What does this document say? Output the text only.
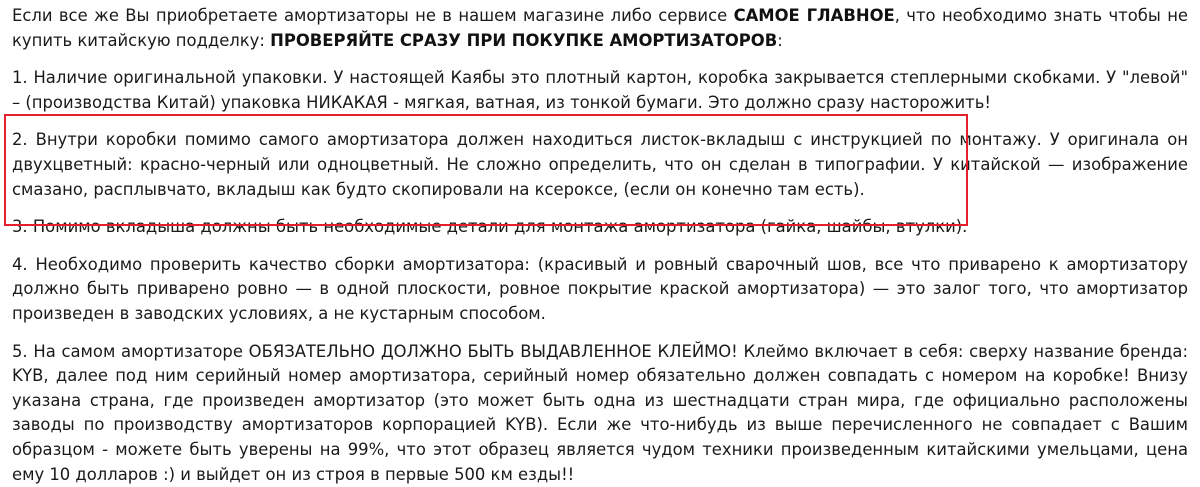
Если все же Вы приобретаете амортизаторы не в нашем магазине либо сервисе САМОЕ ГЛАВНОЕ, что необходимо знать чтобы не купить китайскую подделку: ПРОВЕРЯЙТЕ СРАЗУ ПРИ ПОКУПКЕ АМОРТИЗАТОРОВ:

1. Наличие оригинальной упаковки. У настоящей Каябы это плотный картон, коробка закрывается степлерными скобками. У "левой" – (производства Китай) упаковка НИКАКАЯ - мягкая, ватная, из тонкой бумаги. Это должно сразу насторожить!

2. Внутри коробки помимо самого амортизатора должен находиться листок-вкладыш с инструкцией по монтажу. У оригинала он двухцветный: красно-черный или одноцветный. Не сложно определить, что он сделан в типографии. У китайской — изображение смазано, расплывчато, вкладыш как будто скопировали на ксероксе, (если он конечно там есть).

3. Помимо вкладыша должны быть необходимые детали для монтажа амортизатора (гайка, шайбы, втулки).

4. Необходимо проверить качество сборки амортизатора: (красивый и ровный сварочный шов, все что приварено к амортизатору должно быть приварено ровно — в одной плоскости, ровное покрытие краской амортизатора) — это залог того, что амортизатор произведен в заводских условиях, а не кустарным способом.

5. На самом амортизаторе ОБЯЗАТЕЛЬНО ДОЛЖНО БЫТЬ ВЫДАВЛЕННОЕ КЛЕЙМО! Клеймо включает в себя: сверху название бренда: KYB, далее под ним серийный номер амортизатора, серийный номер обязательно должен совпадать с номером на коробке! Внизу указана страна, где произведен амортизатор (это может быть одна из шестнадцати стран мира, где официально расположены заводы по производству амортизаторов корпорацией KYB). Если же что-нибудь из выше перечисленного не совпадает с Вашим образцом - можете быть уверены на 99%, что этот образец является чудом техники произведенным китайскими умельцами, цена ему 10 долларов :) и выйдет он из строя в первые 500 км езды!!
